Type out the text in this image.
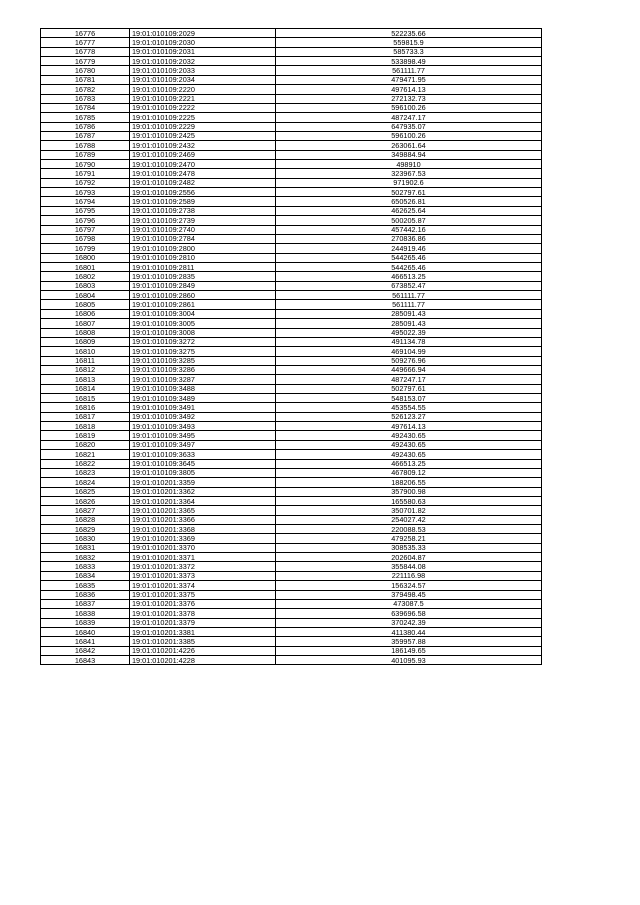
16776	19:01:010109:2029	522235.66
16777	19:01:010109:2030	559815.9
16778	19:01:010109:2031	585733.3
16779	19:01:010109:2032	533898.49
16780	19:01:010109:2033	561111.77
16781	19:01:010109:2034	479471.95
16782	19:01:010109:2220	497614.13
16783	19:01:010109:2221	272132.73
16784	19:01:010109:2222	596100.26
16785	19:01:010109:2225	487247.17
16786	19:01:010109:2229	647935.07
16787	19:01:010109:2425	596100.26
16788	19:01:010109:2432	263061.64
16789	19:01:010109:2469	349884.94
16790	19:01:010109:2470	498910
16791	19:01:010109:2478	323967.53
16792	19:01:010109:2482	971902.6
16793	19:01:010109:2556	502797.61
16794	19:01:010109:2589	650526.81
16795	19:01:010109:2738	462625.64
16796	19:01:010109:2739	500205.87
16797	19:01:010109:2740	457442.16
16798	19:01:010109:2784	270836.86
16799	19:01:010109:2800	244919.46
16800	19:01:010109:2810	544265.46
16801	19:01:010109:2811	544265.46
16802	19:01:010109:2835	466513.25
16803	19:01:010109:2849	673852.47
16804	19:01:010109:2860	561111.77
16805	19:01:010109:2861	561111.77
16806	19:01:010109:3004	285091.43
16807	19:01:010109:3005	285091.43
16808	19:01:010109:3008	495022.39
16809	19:01:010109:3272	491134.78
16810	19:01:010109:3275	469104.99
16811	19:01:010109:3285	509276.96
16812	19:01:010109:3286	449666.94
16813	19:01:010109:3287	487247.17
16814	19:01:010109:3488	502797.61
16815	19:01:010109:3489	548153.07
16816	19:01:010109:3491	453554.55
16817	19:01:010109:3492	526123.27
16818	19:01:010109:3493	497614.13
16819	19:01:010109:3495	492430.65
16820	19:01:010109:3497	492430.65
16821	19:01:010109:3633	492430.65
16822	19:01:010109:3645	466513.25
16823	19:01:010109:3805	467809.12
16824	19:01:010201:3359	188206.55
16825	19:01:010201:3362	357900.98
16826	19:01:010201:3364	165580.63
16827	19:01:010201:3365	350701.82
16828	19:01:010201:3366	254027.42
16829	19:01:010201:3368	220088.53
16830	19:01:010201:3369	479258.21
16831	19:01:010201:3370	308535.33
16832	19:01:010201:3371	202604.87
16833	19:01:010201:3372	355844.08
16834	19:01:010201:3373	221116.98
16835	19:01:010201:3374	156324.57
16836	19:01:010201:3375	379498.45
16837	19:01:010201:3376	473087.5
16838	19:01:010201:3378	639696.58
16839	19:01:010201:3379	370242.39
16840	19:01:010201:3381	411380.44
16841	19:01:010201:3385	359957.88
16842	19:01:010201:4226	186149.65
16843	19:01:010201:4228	401095.93
